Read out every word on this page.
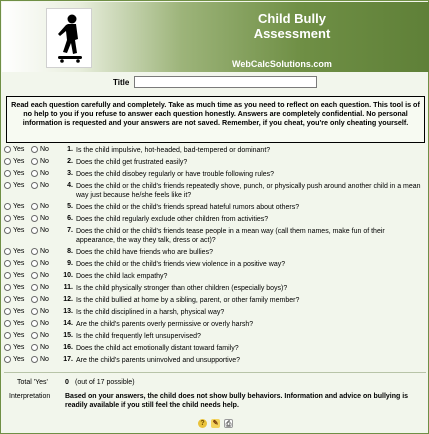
Child Bully
Assessment
WebCalcSolutions.com
Title
Read each question carefully and completely. Take as much time as you need to reflect on each question. This tool is of no help to you if you refuse to answer each question honestly. Answers are completely confidential. No personal information is requested and your answers are not saved. Remember, if you cheat, you're only cheating yourself.
Yes No	1. Is the child impulsive, hot-headed, bad-tempered or dominant?
Yes No	2. Does the child get frustrated easily?
Yes No	3. Does the child disobey regularly or have trouble following rules?
Yes No	4. Does the child or the child's friends repeatedly shove, punch, or physically push around another child in a mean way just because he/she feels like it?
Yes No	5. Does the child or the child's friends spread hateful rumors about others?
Yes No	6. Does the child regularly exclude other children from activities?
Yes No	7. Does the child or the child's friends tease people in a mean way (call them names, make fun of their appearance, the way they talk, dress or act)?
Yes No	8. Does the child have friends who are bullies?
Yes No	9. Does the child or the child's friends view violence in a positive way?
Yes No	10. Does the child lack empathy?
Yes No	11. Is the child physically stronger than other children (especially boys)?
Yes No	12. Is the child bullied at home by a sibling, parent, or other family member?
Yes No	13. Is the child disciplined in a harsh, physical way?
Yes No	14. Are the child's parents overly permissive or overly harsh?
Yes No	15. Is the child frequently left unsupervised?
Yes No	16. Does the child act emotionally distant toward family?
Yes No	17. Are the child's parents uninvolved and unsupportive?
Total 'Yes' 0 (out of 17 possible)
Interpretation Based on your answers, the child does not show bully behaviors. Information and advice on bullying is readily available if you still feel the child needs help.
?	✎ ⎙
